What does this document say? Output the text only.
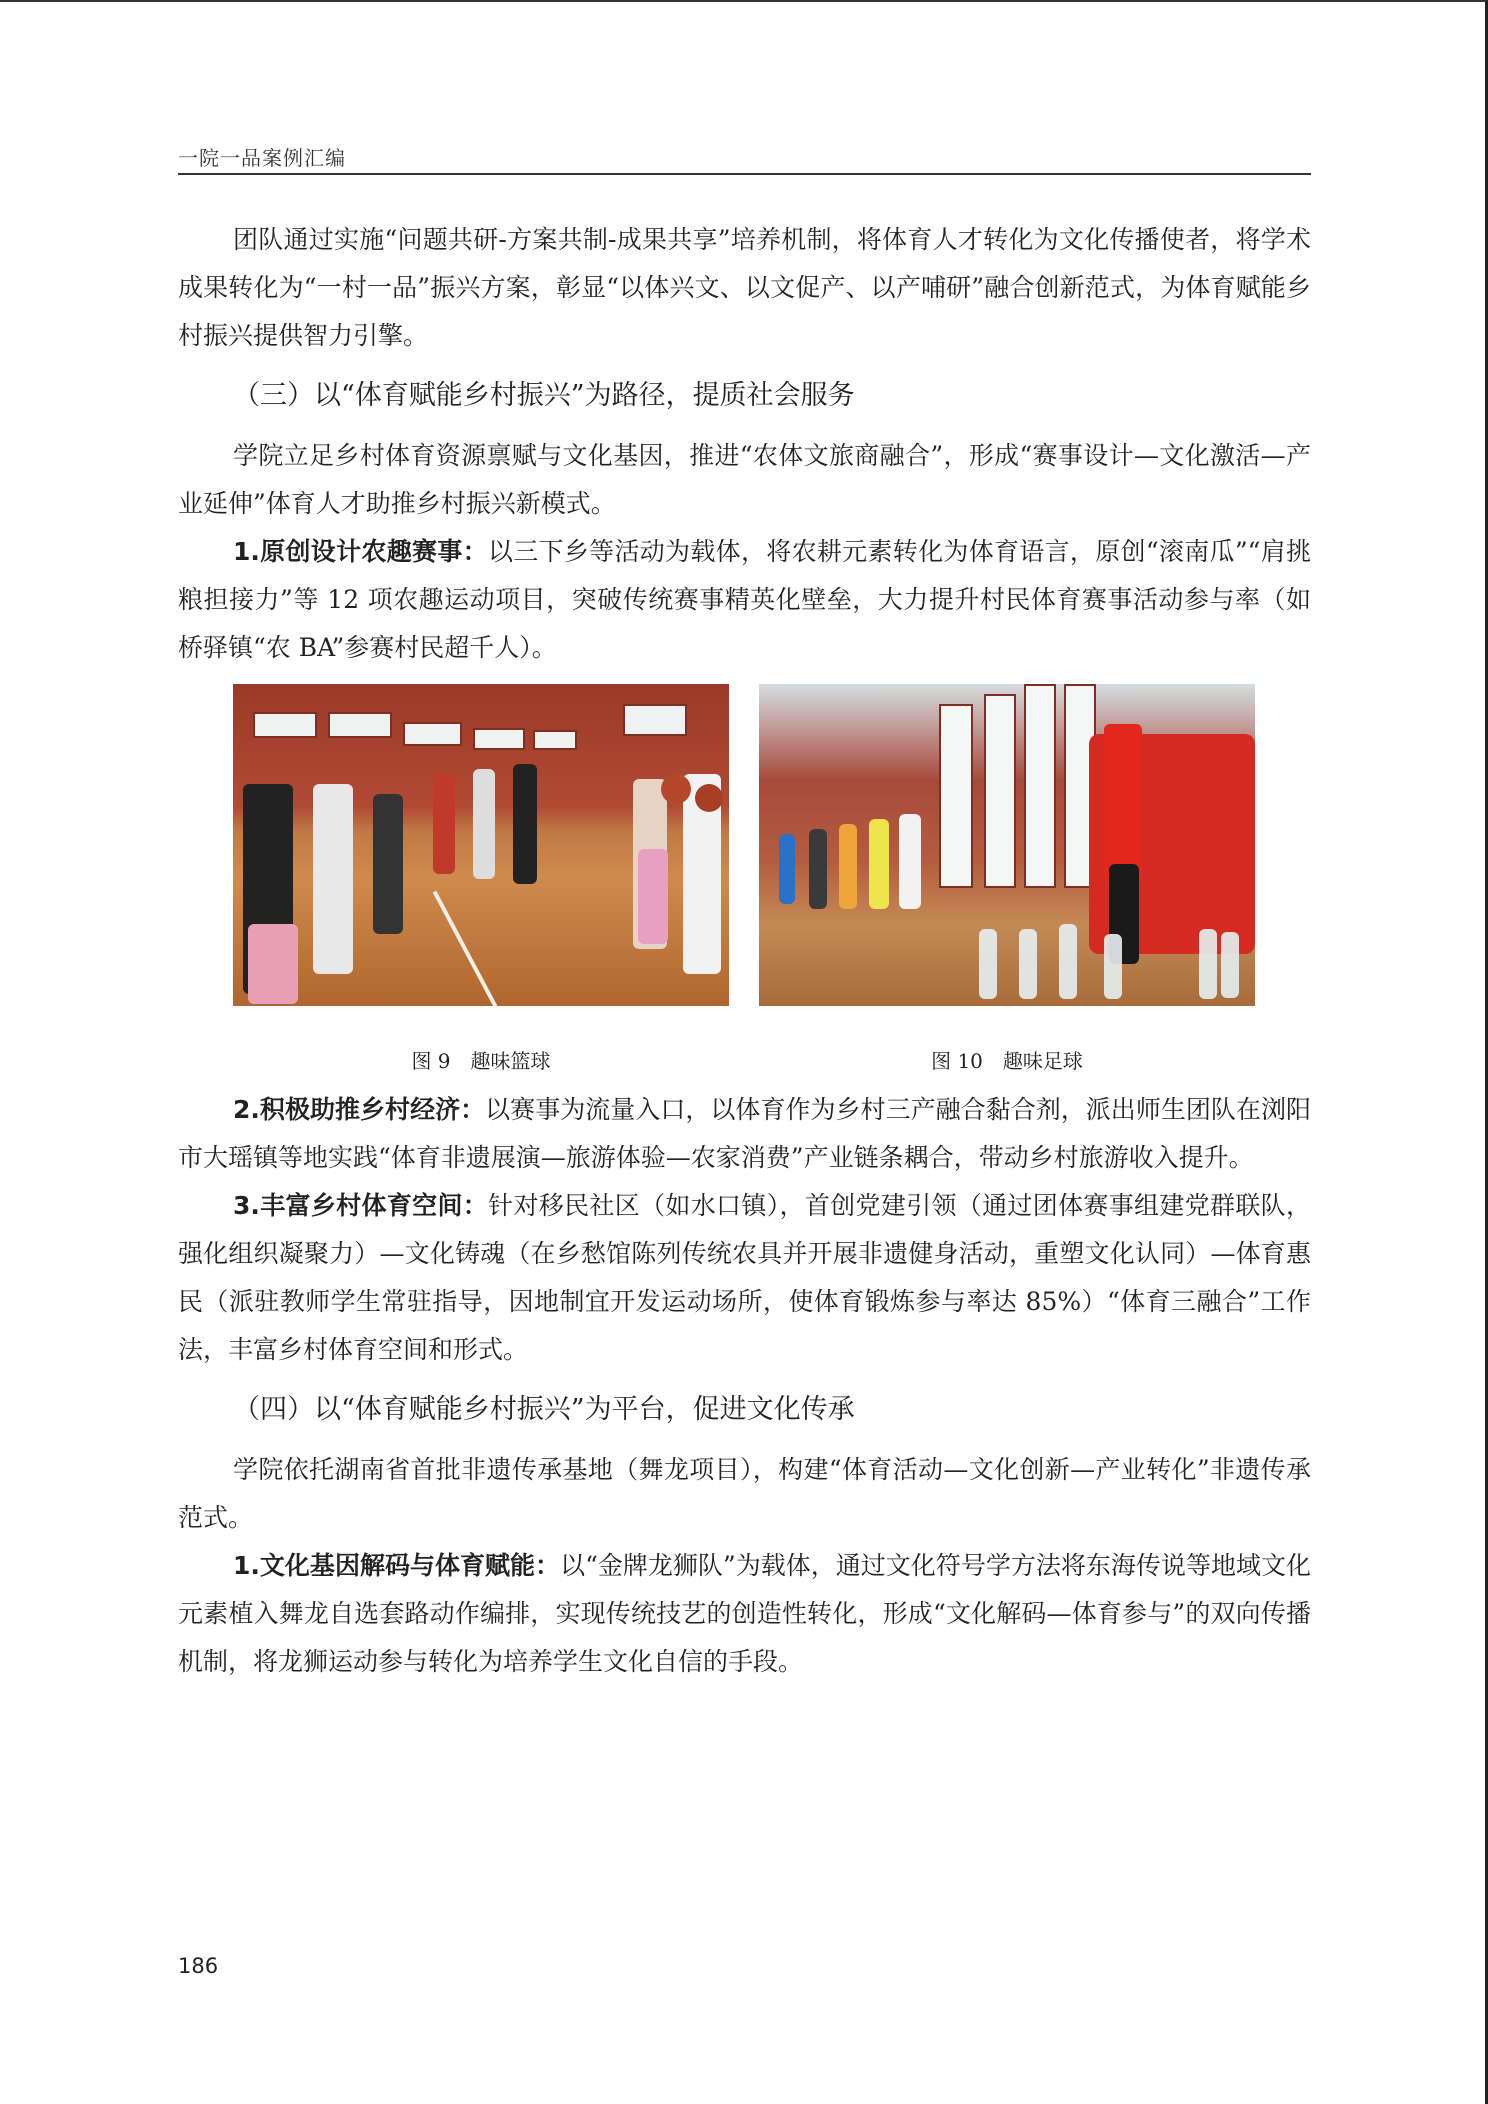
一院一品案例汇编

团队通过实施“问题共研-方案共制-成果共享”培养机制，将体育人才转化为文化传播使者，将学术成果转化为“一村一品”振兴方案，彰显“以体兴文、以文促产、以产哺研”融合创新范式，为体育赋能乡村振兴提供智力引擎。

（三）以“体育赋能乡村振兴”为路径，提质社会服务

学院立足乡村体育资源禀赋与文化基因，推进“农体文旅商融合”，形成“赛事设计—文化激活—产业延伸”体育人才助推乡村振兴新模式。

1.原创设计农趣赛事：以三下乡等活动为载体，将农耕元素转化为体育语言，原创“滚南瓜”“肩挑粮担接力”等 12 项农趣运动项目，突破传统赛事精英化壁垒，大力提升村民体育赛事活动参与率（如桥驿镇“农 BA”参赛村民超千人）。

图 9　趣味篮球	图 10　趣味足球

2.积极助推乡村经济：以赛事为流量入口，以体育作为乡村三产融合黏合剂，派出师生团队在浏阳市大瑶镇等地实践“体育非遗展演—旅游体验—农家消费”产业链条耦合，带动乡村旅游收入提升。

3.丰富乡村体育空间：针对移民社区（如水口镇），首创党建引领（通过团体赛事组建党群联队，强化组织凝聚力）—文化铸魂（在乡愁馆陈列传统农具并开展非遗健身活动，重塑文化认同）—体育惠民（派驻教师学生常驻指导，因地制宜开发运动场所，使体育锻炼参与率达 85%）“体育三融合”工作法，丰富乡村体育空间和形式。

（四）以“体育赋能乡村振兴”为平台，促进文化传承

学院依托湖南省首批非遗传承基地（舞龙项目），构建“体育活动—文化创新—产业转化”非遗传承范式。

1.文化基因解码与体育赋能：以“金牌龙狮队”为载体，通过文化符号学方法将东海传说等地域文化元素植入舞龙自选套路动作编排，实现传统技艺的创造性转化，形成“文化解码—体育参与”的双向传播机制，将龙狮运动参与转化为培养学生文化自信的手段。

186
